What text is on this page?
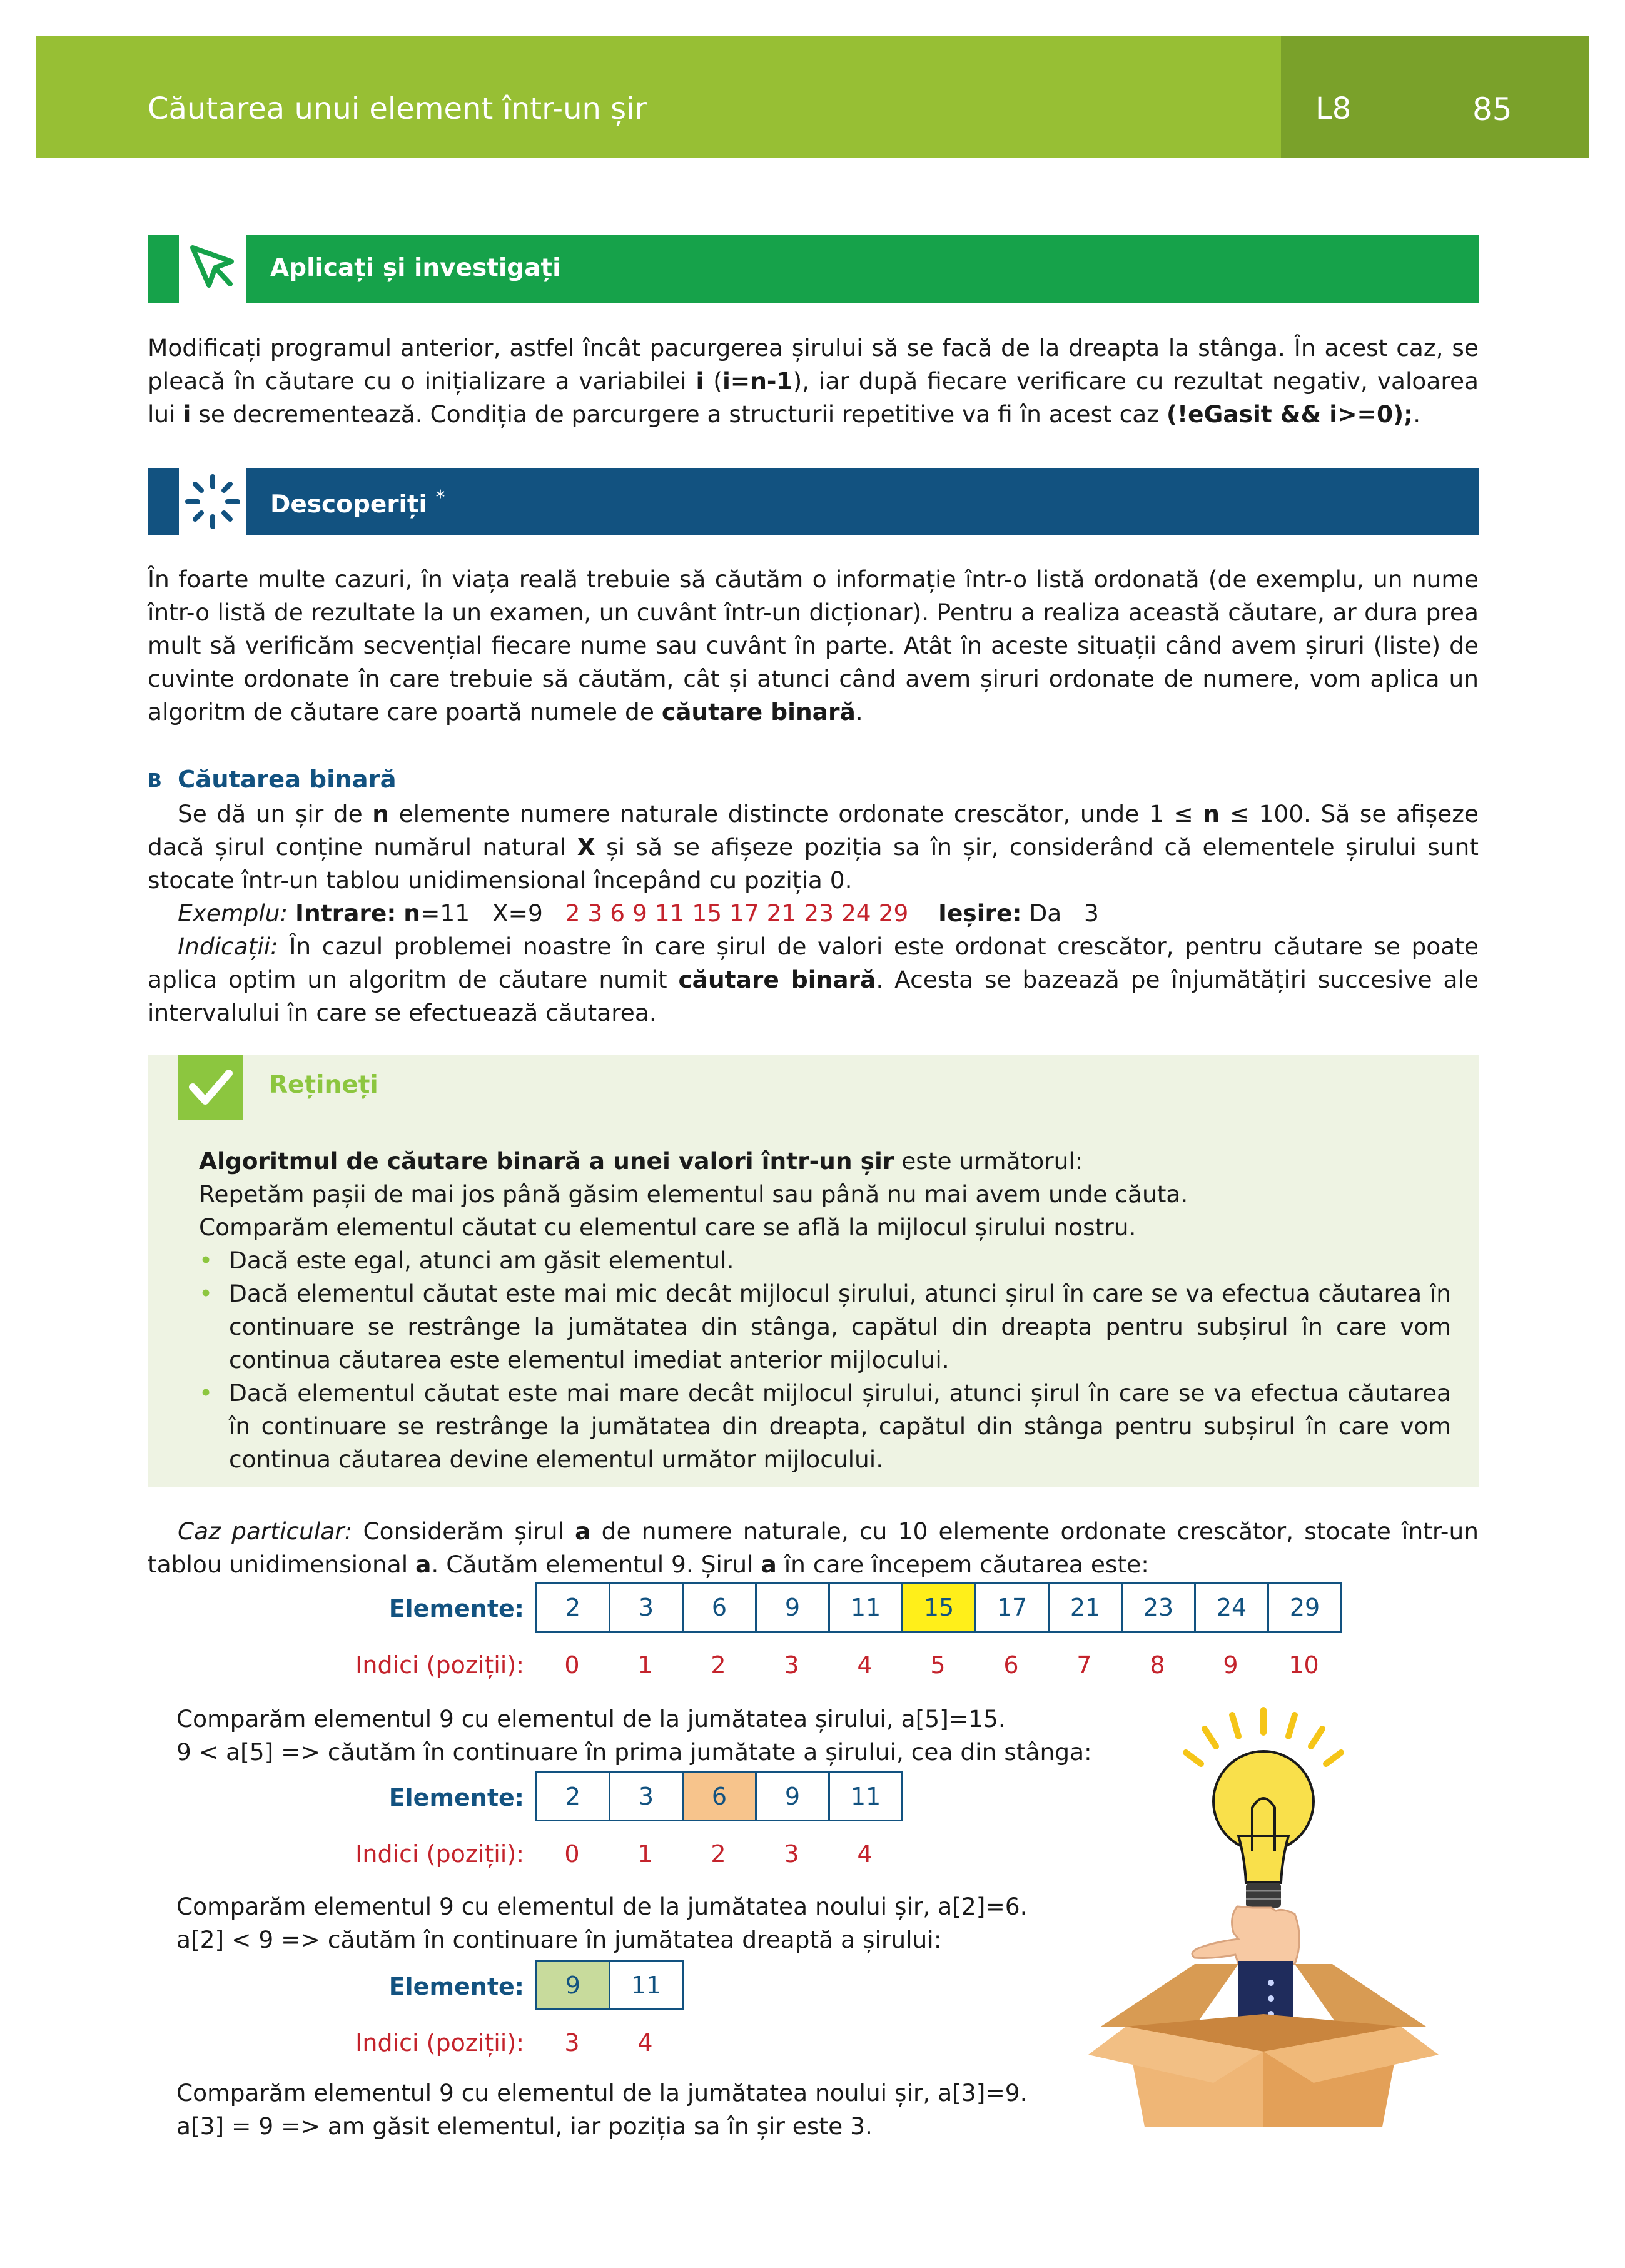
Căutarea unui element într-un șir	L8	85
Aplicați și investigați

Modificați programul anterior, astfel încât pacurgerea șirului să se facă de la dreapta la stânga. În acest caz, se pleacă în căutare cu o inițializare a variabilei i (i=n-1), iar după fiecare verificare cu rezultat negativ, valoarea lui i se decrementează. Condiția de parcurgere a structurii repetitive va fi în acest caz (!eGasit && i>=0);.

Descoperiți *

În foarte multe cazuri, în viața reală trebuie să căutăm o informație într-o listă ordonată (de exemplu, un nume într-o listă de rezultate la un examen, un cuvânt într-un dicționar). Pentru a realiza această căutare, ar dura prea mult să verificăm secvențial fiecare nume sau cuvânt în parte. Atât în aceste situații când avem șiruri (liste) de cuvinte ordonate în care trebuie să căutăm, cât și atunci când avem șiruri ordonate de numere, vom aplica un algoritm de căutare care poartă numele de căutare binară.

B Căutarea binară

Se dă un șir de n elemente numere naturale distincte ordonate crescător, unde 1 ≤ n ≤ 100. Să se afișeze dacă șirul conține numărul natural X și să se afișeze poziția sa în șir, considerând că elementele șirului sunt stocate într-un tablou unidimensional începând cu poziția 0.

Exemplu: Intrare: n=11 X=9 2 3 6 9 11 15 17 21 23 24 29 Ieșire: Da 3

Indicații: În cazul problemei noastre în care șirul de valori este ordonat crescător, pentru căutare se poate aplica optim un algoritm de căutare numit căutare binară. Acesta se bazează pe înjumătățiri succesive ale intervalului în care se efectuează căutarea.

Rețineți

Algoritmul de căutare binară a unei valori într-un șir este următorul:

Repetăm pașii de mai jos până găsim elementul sau până nu mai avem unde căuta.

Comparăm elementul căutat cu elementul care se află la mijlocul șirului nostru.

• Dacă este egal, atunci am găsit elementul.
• Dacă elementul căutat este mai mic decât mijlocul șirului, atunci șirul în care se va efectua căutarea în continuare se restrânge la jumătatea din stânga, capătul din dreapta pentru subșirul în care vom continua căutarea este elementul imediat anterior mijlocului.
• Dacă elementul căutat este mai mare decât mijlocul șirului, atunci șirul în care se va efectua căutarea în continuare se restrânge la jumătatea din dreapta, capătul din stânga pentru subșirul în care vom continua căutarea devine elementul următor mijlocului.

Caz particular: Considerăm șirul a de numere naturale, cu 10 elemente ordonate crescător, stocate într-un tablou unidimensional a. Căutăm elementul 9. Șirul a în care începem căutarea este:

Elemente:	2	3	6	9	11	15	17	21	23	24	29
Indici (poziții):	0	1	2	3	4	5	6	7	8	9	10

Comparăm elementul 9 cu elementul de la jumătatea șirului, a[5]=15.

9 < a[5] => căutăm în continuare în prima jumătate a șirului, cea din stânga:

Elemente:	2	3	6	9	11
Indici (poziții):	0	1	2	3	4

Comparăm elementul 9 cu elementul de la jumătatea noului șir, a[2]=6.

a[2] < 9 => căutăm în continuare în jumătatea dreaptă a șirului:

Elemente:	9	11
Indici (poziții):	3	4

Comparăm elementul 9 cu elementul de la jumătatea noului șir, a[3]=9.

a[3] = 9 => am găsit elementul, iar poziția sa în șir este 3.
